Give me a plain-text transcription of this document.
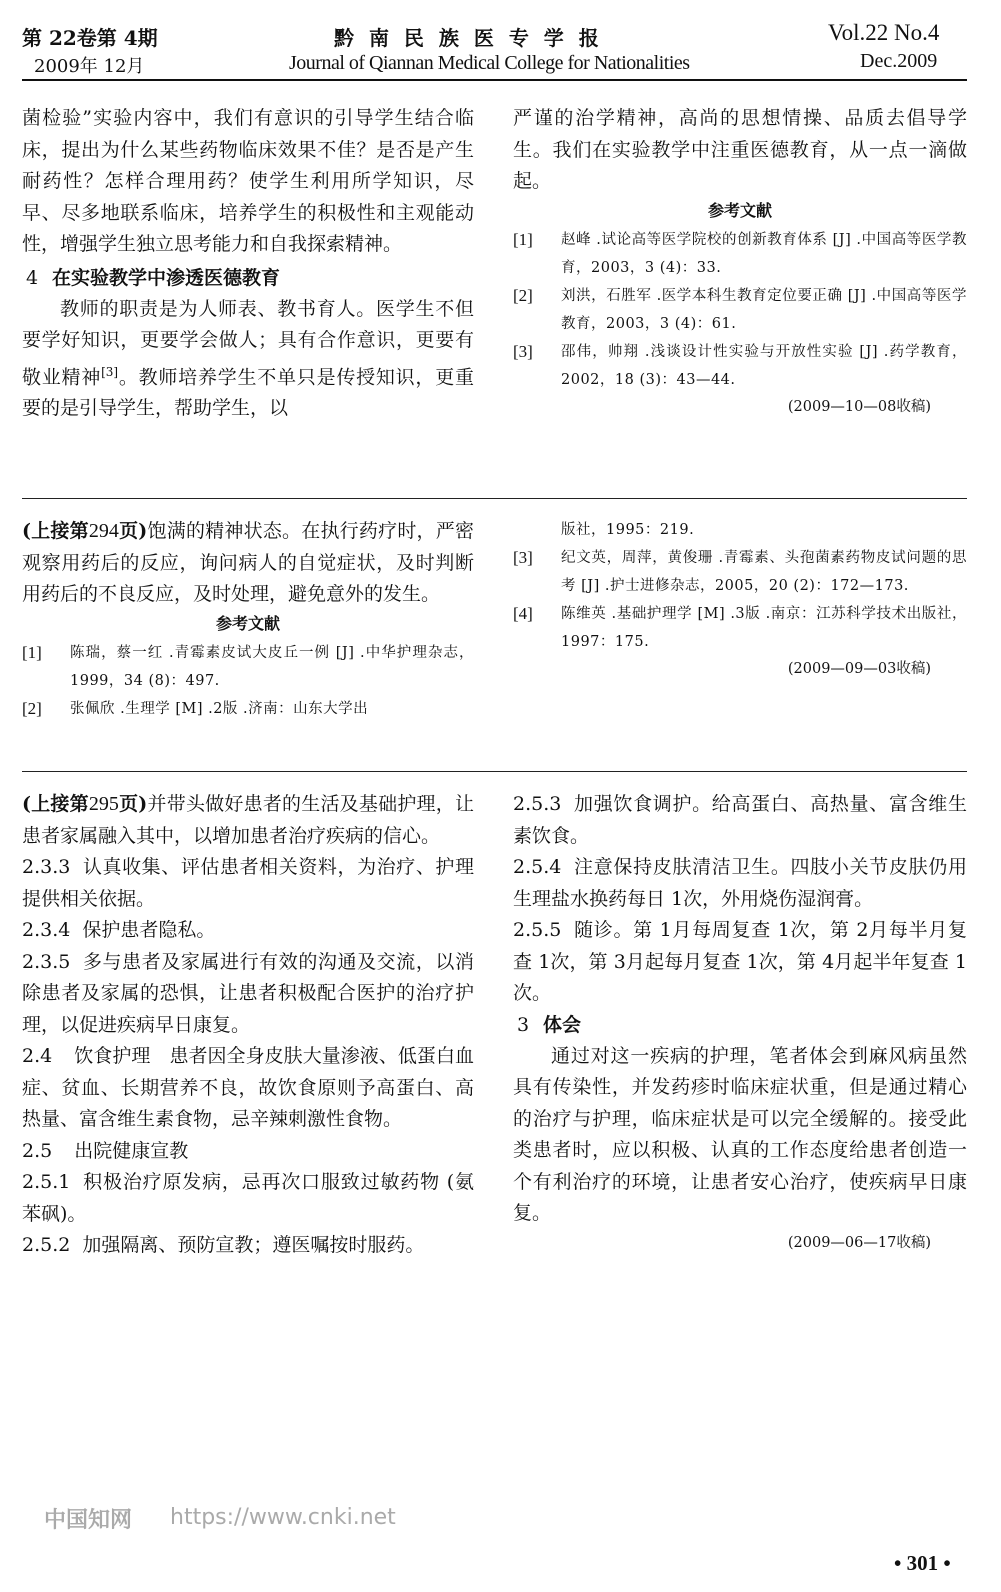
第 22卷第 4期
2009年 12月
黔 南 民 族 医 专 学 报
Journal of Qiannan Medical College for Nationalities
Vol.22 No.4
Dec.2009

菌检验”实验内容中，我们有意识的引导学生结合临床，提出为什么某些药物临床效果不佳？是否是产生耐药性？怎样合理用药？使学生利用所学知识，尽早、尽多地联系临床，培养学生的积极性和主观能动性，增强学生独立思考能力和自我探索精神。

4 在实验教学中渗透医德教育

教师的职责是为人师表、教书育人。医学生不但要学好知识，更要学会做人；具有合作意识，更要有敬业精神[3]。教师培养学生不单只是传授知识，更重要的是引导学生，帮助学生，以

严谨的治学精神，高尚的思想情操、品质去倡导学生。我们在实验教学中注重医德教育，从一点一滴做起。

参考文献

[1]	赵峰 .试论高等医学院校的创新教育体系 [J] .中国高等医学教育，2003，3 (4)：33.
[2]	刘洪，石胜军 .医学本科生教育定位要正确 [J] .中国高等医学教育，2003，3 (4)：61.
[3]	邵伟，帅翔 .浅谈设计性实验与开放性实验 [J] .药学教育，2002，18 (3)：43—44.

(2009—10—08收稿)

(上接第294页)饱满的精神状态。在执行药疗时，严密观察用药后的反应，询问病人的自觉症状，及时判断用药后的不良反应，及时处理，避免意外的发生。

参考文献

[1]	陈瑞，蔡一红 .青霉素皮试大皮丘一例 [J] .中华护理杂志，1999，34 (8)：497.
[2]	张佩欣 .生理学 [M] .2版 .济南：山东大学出
版社，1995：219.
[3]	纪文英，周萍，黄俊珊 .青霉素、头孢菌素药物皮试问题的思考 [J] .护士进修杂志，2005，20 (2)：172—173.
[4]	陈维英 .基础护理学 [M] .3版 .南京：江苏科学技术出版社，1997：175.

(2009—09—03收稿)

(上接第295页)并带头做好患者的生活及基础护理，让患者家属融入其中，以增加患者治疗疾病的信心。

2.3.3 认真收集、评估患者相关资料，为治疗、护理提供相关依据。

2.3.4 保护患者隐私。

2.3.5 多与患者及家属进行有效的沟通及交流，以消除患者及家属的恐惧，让患者积极配合医护的治疗护理，以促进疾病早日康复。

2.4 饮食护理　患者因全身皮肤大量渗液、低蛋白血症、贫血、长期营养不良，故饮食原则予高蛋白、高热量、富含维生素食物，忌辛辣刺激性食物。

2.5 出院健康宣教

2.5.1 积极治疗原发病，忌再次口服致过敏药物 (氨苯砜)。

2.5.2 加强隔离、预防宣教；遵医嘱按时服药。

2.5.3 加强饮食调护。给高蛋白、高热量、富含维生素饮食。

2.5.4 注意保持皮肤清洁卫生。四肢小关节皮肤仍用生理盐水换药每日 1次，外用烧伤湿润膏。

2.5.5 随诊。第 1月每周复查 1次，第 2月每半月复查 1次，第 3月起每月复查 1次，第 4月起半年复查 1次。

3 体会

通过对这一疾病的护理，笔者体会到麻风病虽然具有传染性，并发药疹时临床症状重，但是通过精心的治疗与护理，临床症状是可以完全缓解的。接受此类患者时，应以积极、认真的工作态度给患者创造一个有利治疗的环境，让患者安心治疗，使疾病早日康复。

(2009—06—17收稿)

中国知网 https://www.cnki.net
• 301 •
